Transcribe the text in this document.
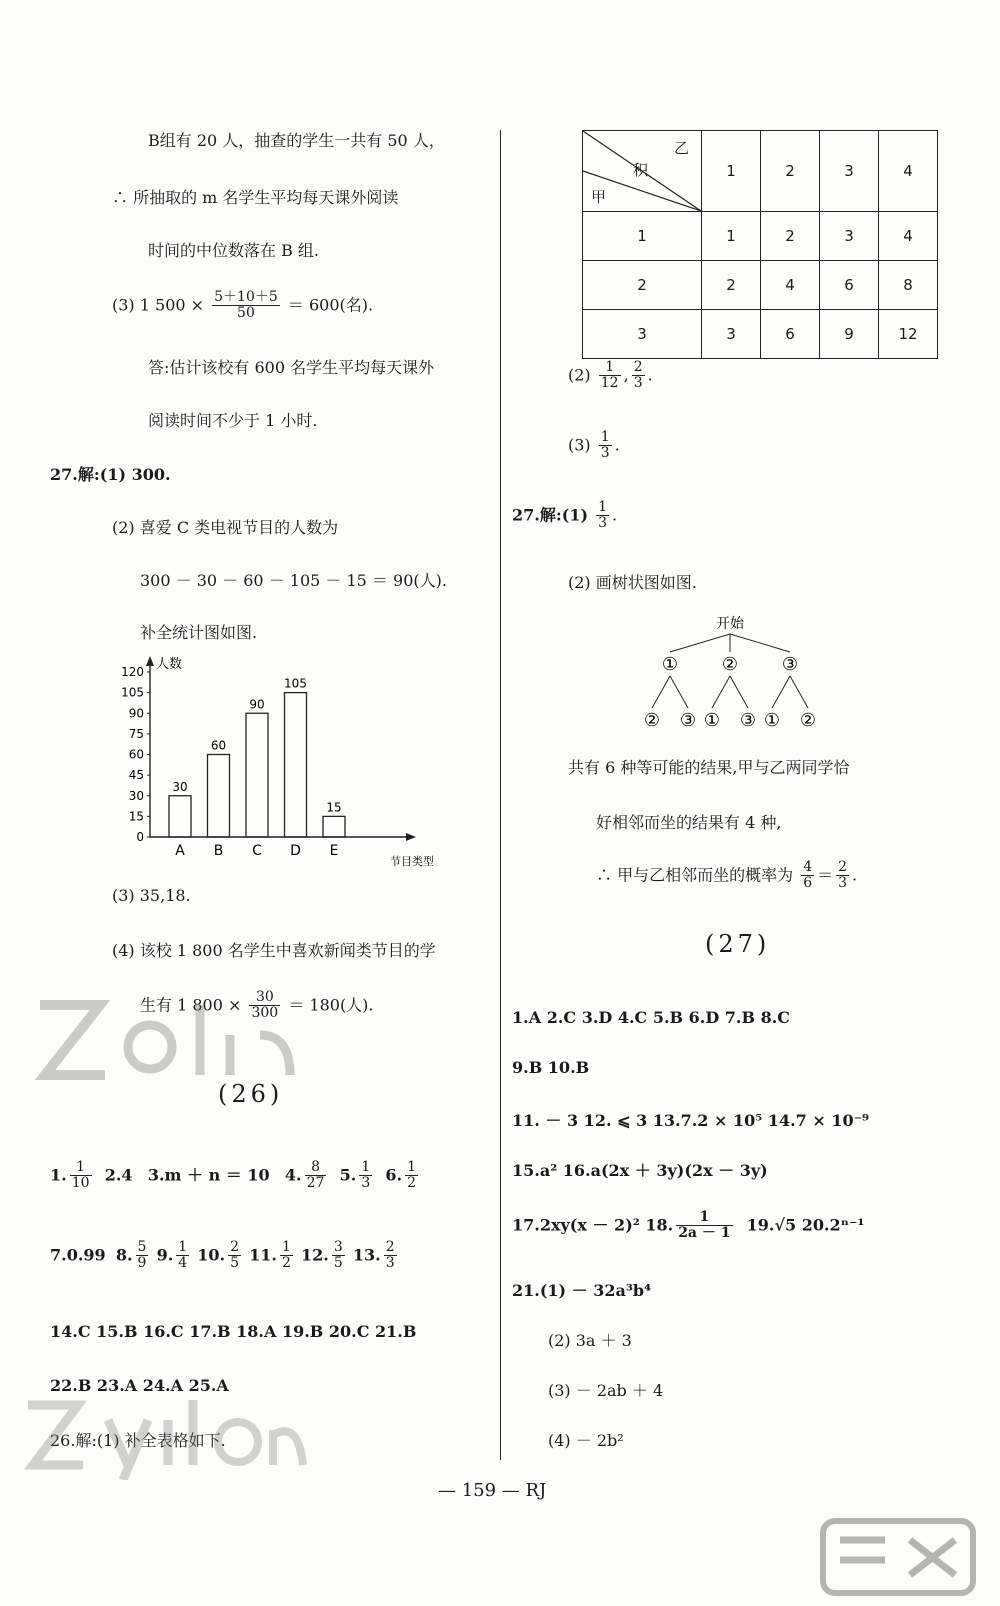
B组有 20 人，抽查的学生一共有 50 人，
∴ 所抽取的 m 名学生平均每天课外阅读
时间的中位数落在 B 组.
(3) 1 $500 \times \frac{5+10+5}{50} = 600$(名).
答:估计该校有 600 名学生平均每天课外
阅读时间不少于 1 小时.
27.解:(1) 300.
(2) 喜爱 C 类电视节目的人数为
300 － 30 － 60 － 105 － 15 ＝ 90(人).
补全统计图如图.
人数
节目类型
0
15
30
45
60
75
90
105
120
30
A
60
B
90
C
105
D
15
E
(3) 35,18.
(4) 该校 1 800 名学生中喜欢新闻类节目的学
生有 1 $800 \times \frac{30}{300} = 180$(人).
(26)
1. $\frac{1}{10} 2.4$ 3.m ＋ n ＝ 10 4. $\frac{8}{27} 5$. $\frac{1}{3} 6$. $\frac{1}{2}$
7.0.99 8. $\frac{5}{9} 9$. $\frac{1}{4} 10$. $\frac{2}{5} 11$. $\frac{1}{2} 12$. $\frac{3}{5} 13$. $\frac{2}{3}$
14.C 15.B 16.C 17.B 18.A 19.B 20.C 21.B
22.B 23.A 24.A 25.A
26.解:(1) 补全表格如下.
乙
积
甲	1	2	3	4
1	1	2	3	4
2	2	4	6	8
3	3	6	9	12
$(2) \frac{1}{12}$ , $\frac{2}{3}$ .
$(3) \frac{1}{3}$ .
27.解:(1) $\frac{1}{3}$ .
(2) 画树状图如图.
开始
① ② ③
② ③ ① ③ ① ②
共有 6 种等可能的结果,甲与乙两同学恰
好相邻而坐的结果有 4 种,
∴ 甲与乙相邻而坐的概率为 $\frac{4}{6} = \frac{2}{3}$ .
(27)
1.A 2.C 3.D 4.C 5.B 6.D 7.B 8.C
9.B 10.B
11. － 3 12. ⩽ 3 13.7.2 × 10⁵ 14.7 × 10⁻⁹
15.a² 16.a(2x ＋ 3y)(2x － 3y)
17.2xy(x － 2)² 18. $\frac{1}{2a - 1} 19.√5$ 20.2ⁿ⁻¹
21.(1) － 32a³b⁴
(2) 3a ＋ 3
(3) － 2ab ＋ 4
(4) － 2b²
— 159 — RJ
